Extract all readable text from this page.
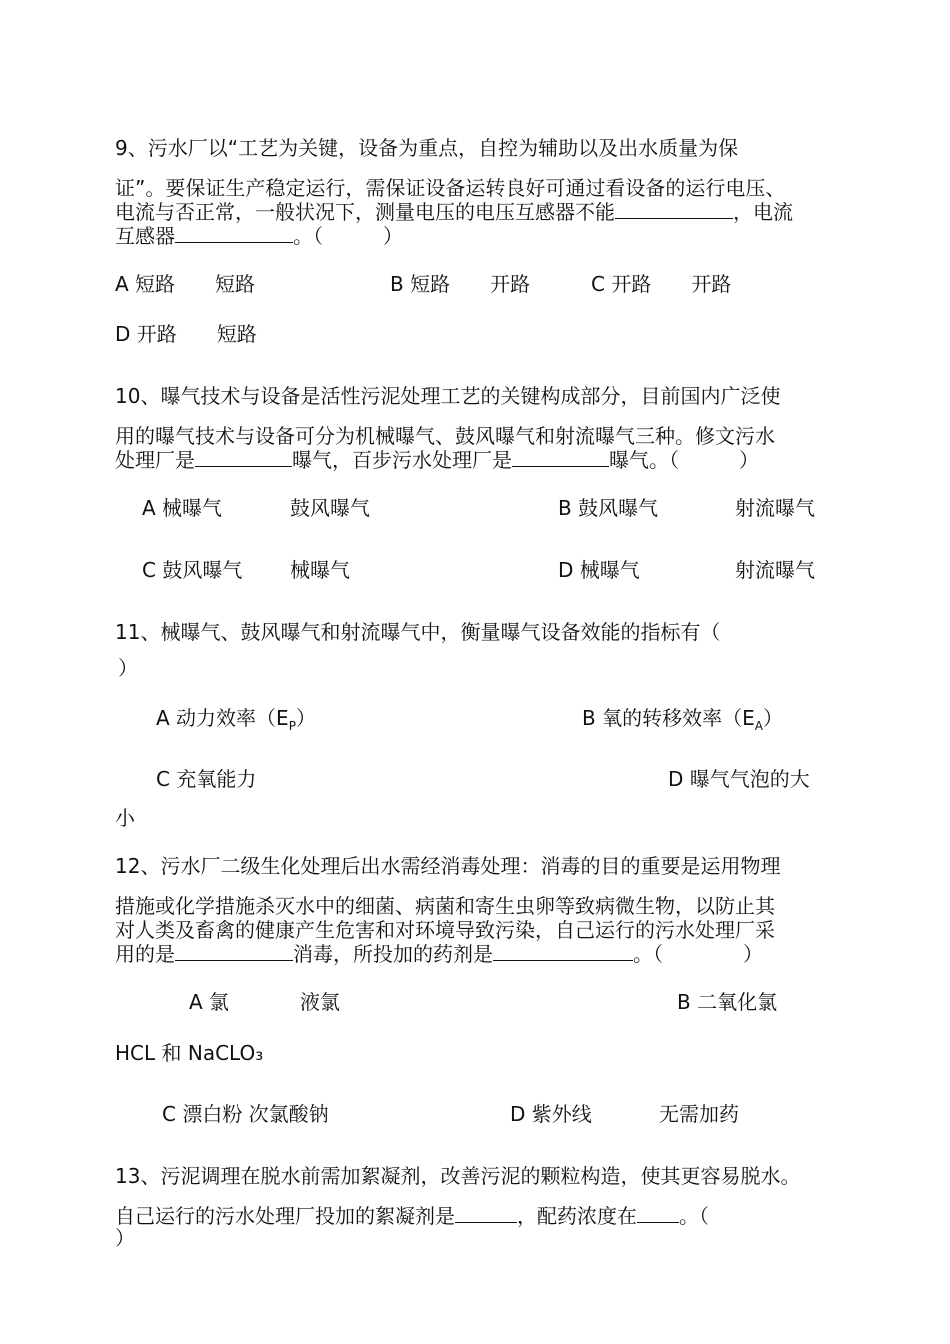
9、污水厂以“工艺为关键，设备为重点，自控为辅助以及出水质量为保
证”。要保证生产稳定运行，需保证设备运转良好可通过看设备的运行电压、
电流与否正常，一般状况下，测量电压的电压互感器不能	，电流
互感器	。（　　　）
A 短路　　短路	B 短路　　开路	C 开路　　开路
D 开路　　短路
10、曝气技术与设备是活性污泥处理工艺的关键构成部分，目前国内广泛使
用的曝气技术与设备可分为机械曝气、鼓风曝气和射流曝气三种。修文污水
处理厂是	曝气，百步污水处理厂是	曝气。（　　　）
A 械曝气	鼓风曝气	B 鼓风曝气	射流曝气
C 鼓风曝气 械曝气	D 械曝气	射流曝气
11、械曝气、鼓风曝气和射流曝气中，衡量曝气设备效能的指标有（
）
A 动力效率$(E_P)$	B 氧的转移效率$(E_A)$
C 充氧能力	D 曝气气泡的大
小
12、污水厂二级生化处理后出水需经消毒处理：消毒的目的重要是运用物理
措施或化学措施杀灭水中的细菌、病菌和寄生虫卵等致病微生物，以防止其
对人类及畜禽的健康产生危害和对环境导致污染，自己运行的污水处理厂采
用的是	消毒，所投加的药剂是	。（　　　　）
A 氯	液氯	B 二氧化氯
HCL 和 NaCLO₃
C 漂白粉 次氯酸钠	D 紫外线	无需加药
13、污泥调理在脱水前需加絮凝剂，改善污泥的颗粒构造，使其更容易脱水。
自己运行的污水处理厂投加的絮凝剂是	，配药浓度在 。（
）
